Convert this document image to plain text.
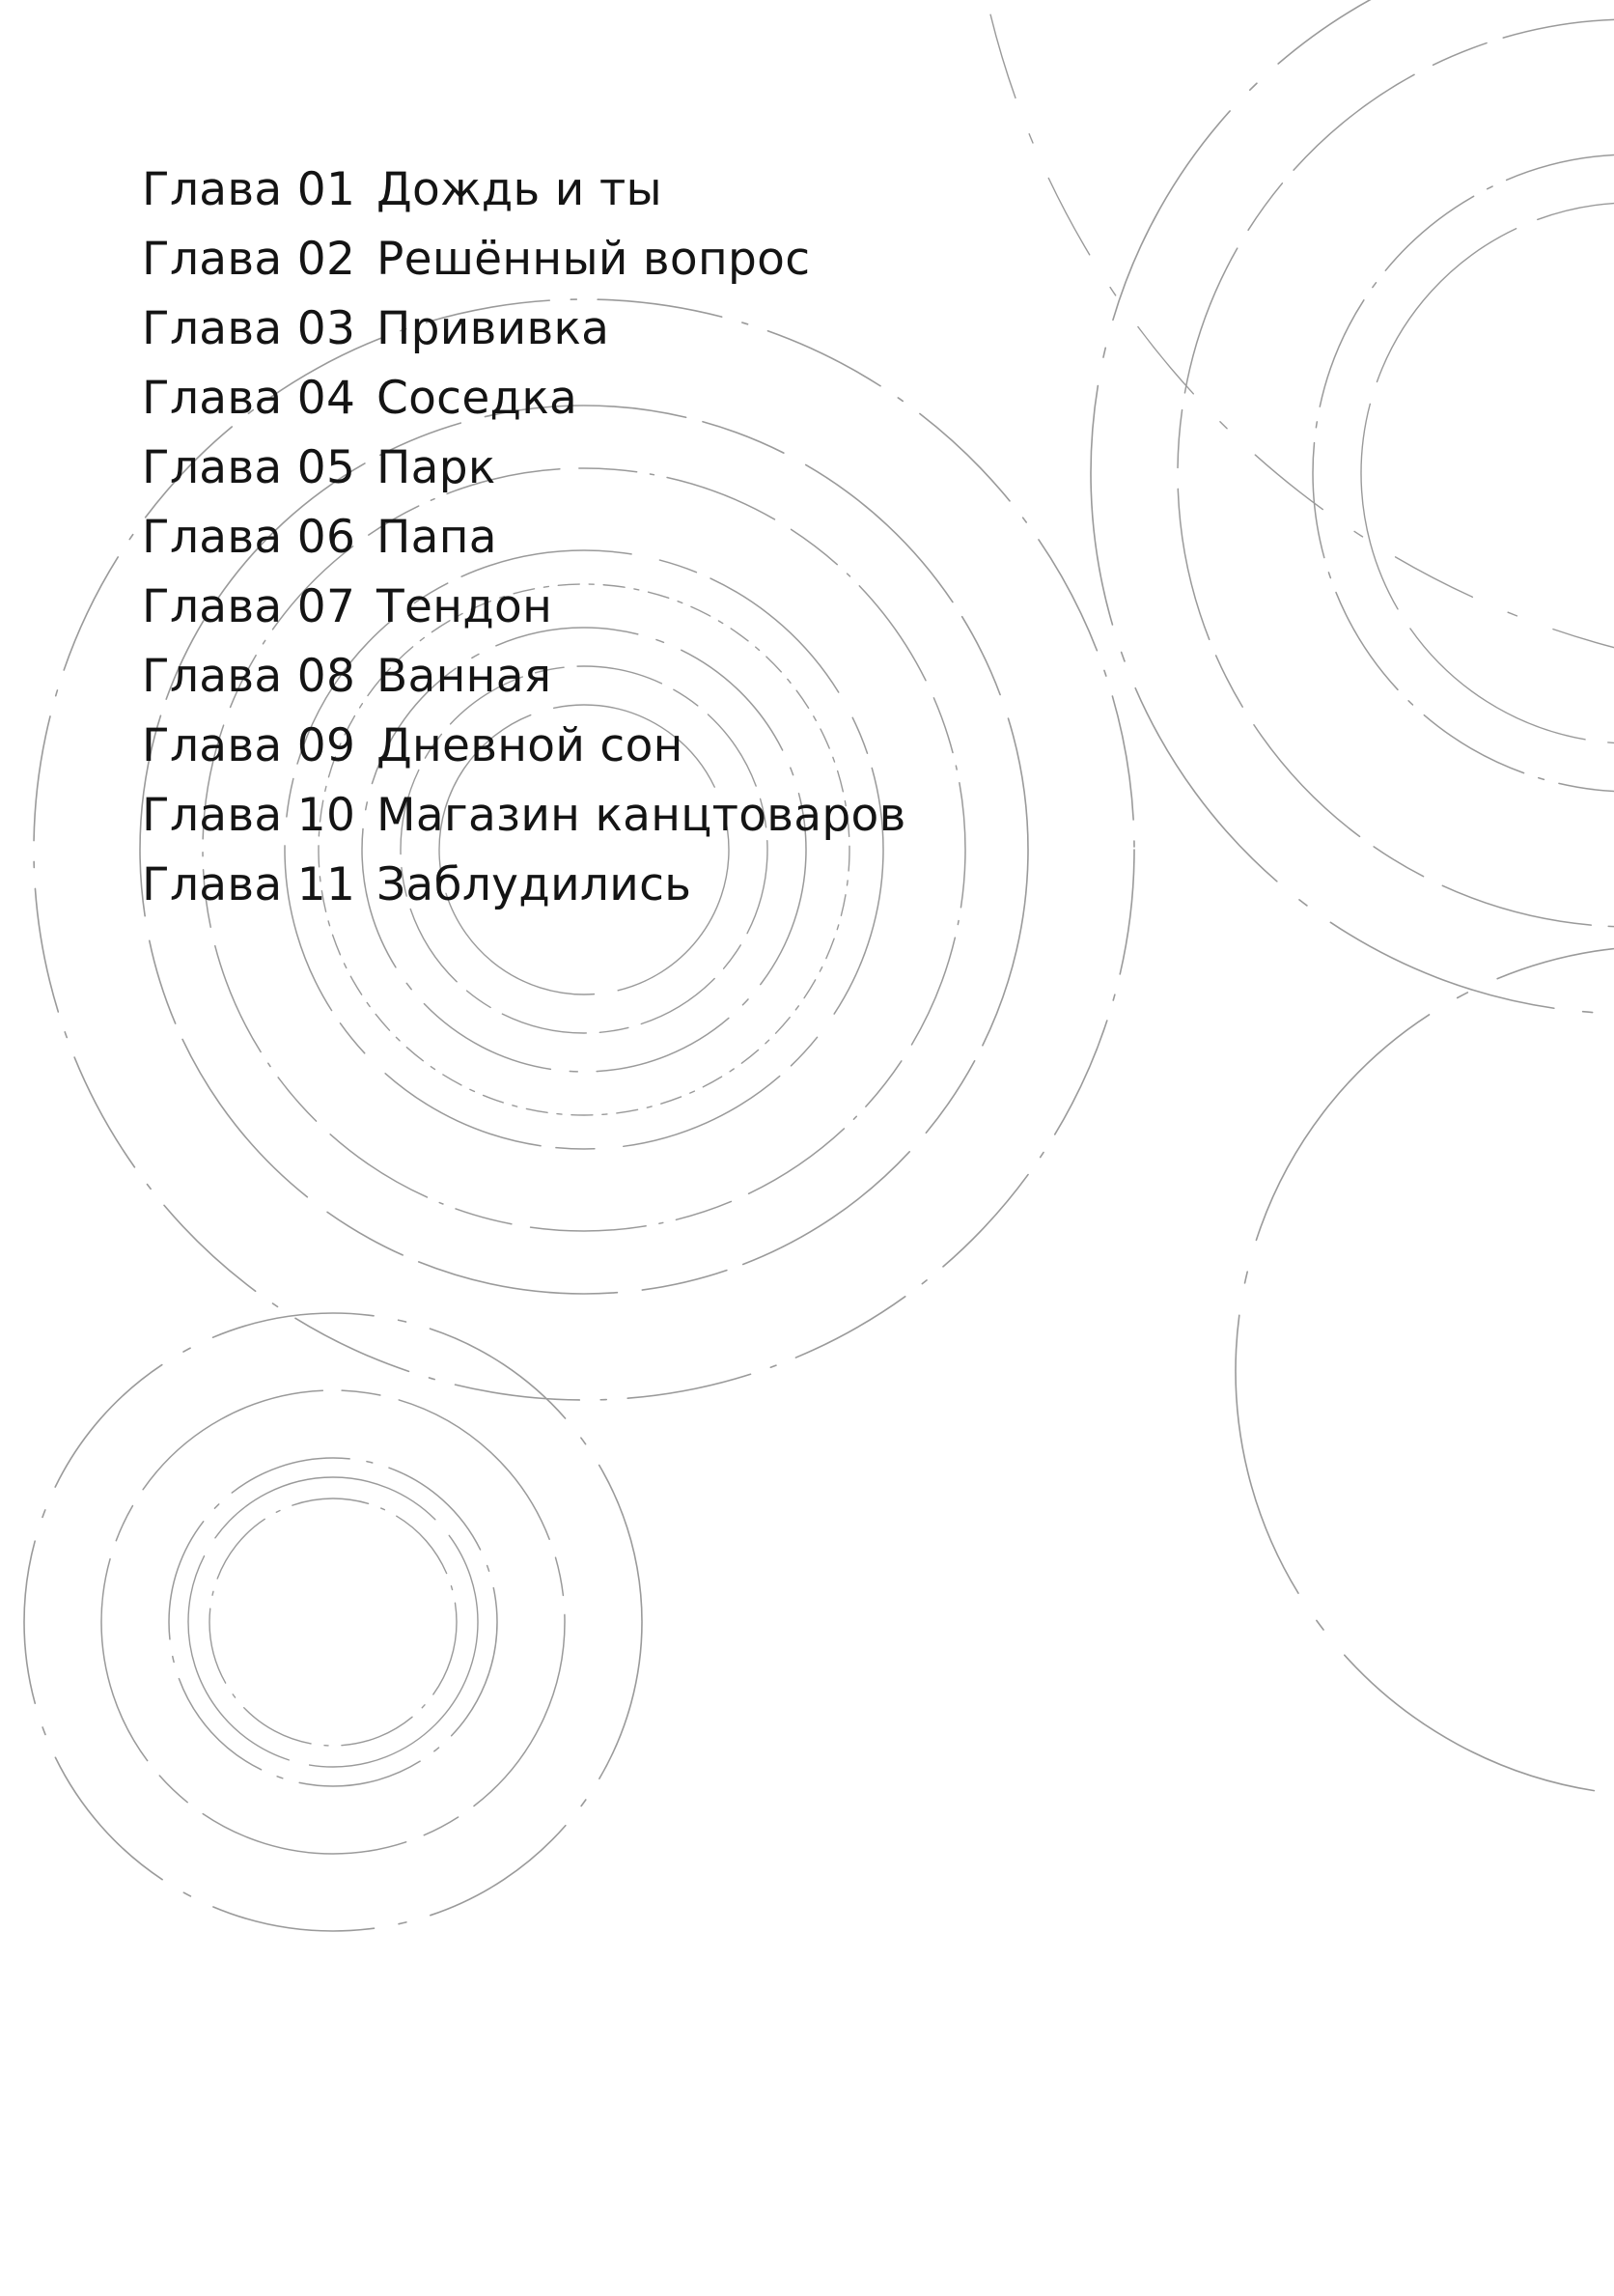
Глава 01 Дождь и ты
Глава 02 Решённый вопрос
Глава 03 Прививка
Глава 04 Соседка
Глава 05 Парк
Глава 06 Папа
Глава 07 Тендон
Глава 08 Ванная
Глава 09 Дневной сон
Глава 10 Магазин канцтоваров
Глава 11 Заблудились
